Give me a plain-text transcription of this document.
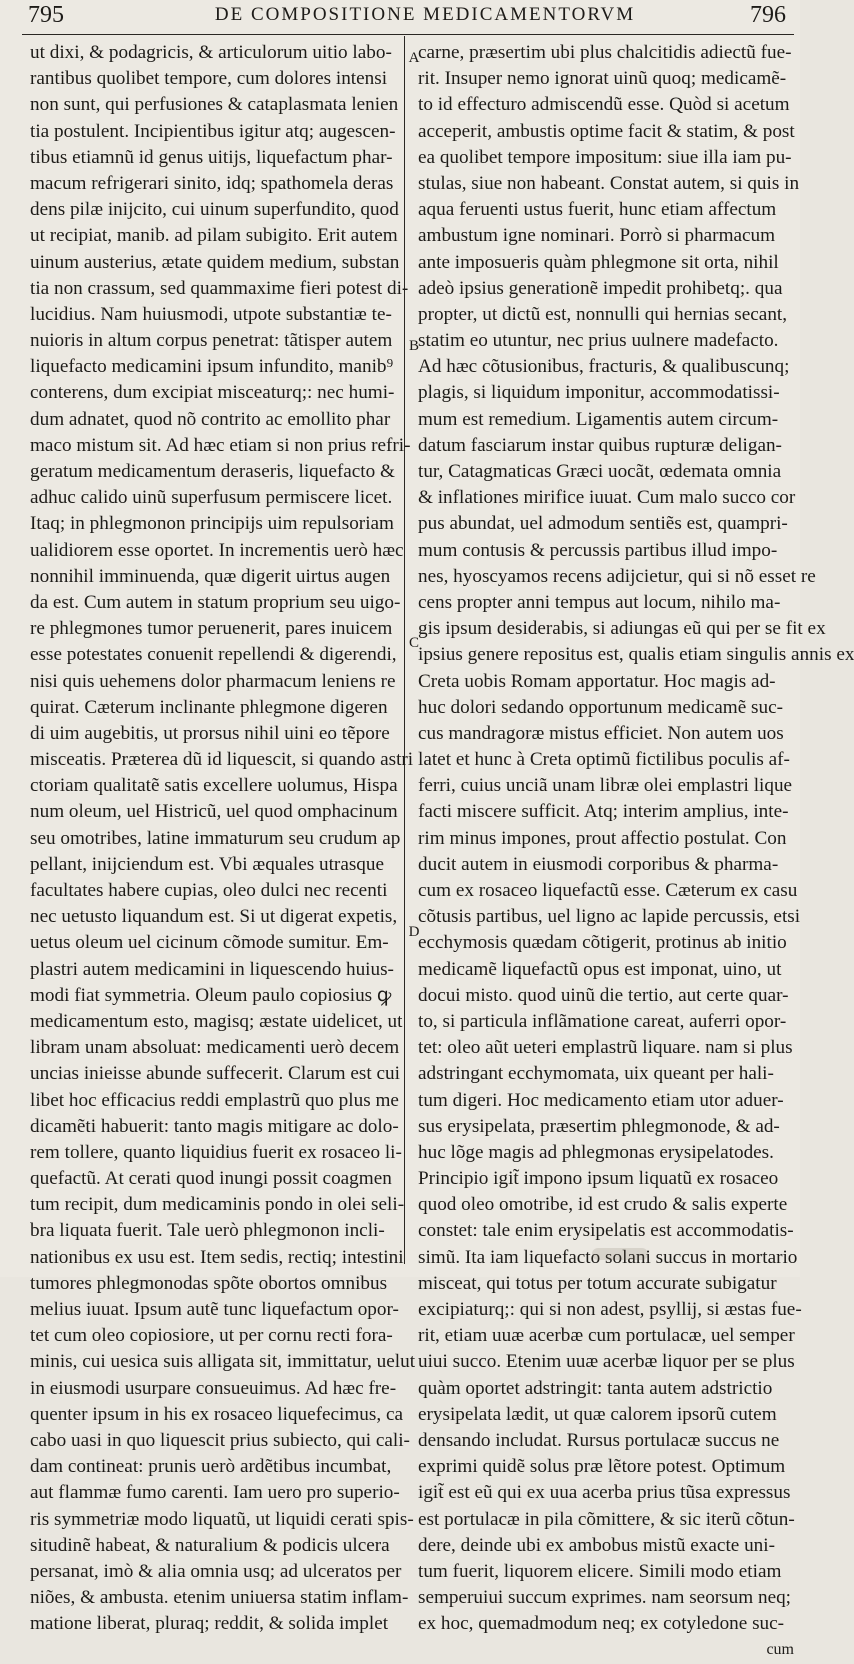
795	DE COMPOSITIONE MEDICAMENTORVM	796
A
B
C
D
ut dixi, & podagricis, & articulorum uitio labo-
rantibus quolibet tempore, cum dolores intensi
non sunt, qui perfusiones & cataplasmata lenien
tia postulent. Incipientibus igitur atq; augescen-
tibus etiamnũ id genus uitijs, liquefactum phar-
macum refrigerari sinito, idq; spathomela deras
dens pilæ inijcito, cui uinum superfundito, quod
ut recipiat, manib. ad pilam subigito. Erit autem
uinum austerius, ætate quidem medium, substan
tia non crassum, sed quammaxime fieri potest di-
lucidius. Nam huiusmodi, utpote substantiæ te-
nuioris in altum corpus penetrat: tãtisper autem
liquefacto medicamini ipsum infundito, manib⁹
conterens, dum excipiat misceaturq;: nec humi-
dum adnatet, quod nõ contrito ac emollito phar
maco mistum sit. Ad hæc etiam si non prius refri-
geratum medicamentum deraseris, liquefacto &
adhuc calido uinũ superfusum permiscere licet.
Itaq; in phlegmonon principijs uim repulsoriam
ualidiorem esse oportet. In incrementis uerò hæc
nonnihil imminuenda, quæ digerit uirtus augen
da est. Cum autem in statum proprium seu uigo-
re phlegmones tumor peruenerit, pares inuicem
esse potestates conuenit repellendi & digerendi,
nisi quis uehemens dolor pharmacum leniens re
quirat. Cæterum inclinante phlegmone digeren
di uim augebitis, ut prorsus nihil uini eo tẽpore
misceatis. Præterea dũ id liquescit, si quando astri
ctoriam qualitatẽ satis excellere uolumus, Hispa
num oleum, uel Histricũ, uel quod omphacinum
seu omotribes, latine immaturum seu crudum ap
pellant, inijciendum est. Vbi æquales utrasque
facultates habere cupias, oleo dulci nec recenti
nec uetusto liquandum est. Si ut digerat expetis,
uetus oleum uel cicinum cõmode sumitur. Em-
plastri autem medicamini in liquescendo huius-
modi fiat symmetria. Oleum paulo copiosius ꝙ
medicamentum esto, magisq; æstate uidelicet, ut
libram unam absoluat: medicamenti uerò decem
uncias inieisse abunde suffecerit. Clarum est cui
libet hoc efficacius reddi emplastrũ quo plus me
dicamẽti habuerit: tanto magis mitigare ac dolo-
rem tollere, quanto liquidius fuerit ex rosaceo li-
quefactũ. At cerati quod inungi possit coagmen
tum recipit, dum medicaminis pondo in olei seli-
bra liquata fuerit. Tale uerò phlegmonon incli-
nationibus ex usu est. Item sedis, rectiq; intestini
tumores phlegmonodas spõte obortos omnibus
melius iuuat. Ipsum autẽ tunc liquefactum opor-
tet cum oleo copiosiore, ut per cornu recti fora-
minis, cui uesica suis alligata sit, immittatur, uelut
in eiusmodi usurpare consueuimus. Ad hæc fre-
quenter ipsum in his ex rosaceo liquefecimus, ca
cabo uasi in quo liquescit prius subiecto, qui cali-
dam contineat: prunis uerò ardẽtibus incumbat,
aut flammæ fumo carenti. Iam uero pro superio-
ris symmetriæ modo liquatũ, ut liquidi cerati spis-
situdinẽ habeat, & naturalium & podicis ulcera
persanat, imò & alia omnia usq; ad ulceratos per
niões, & ambusta. etenim uniuersa statim inflam-
matione liberat, pluraq; reddit, & solida implet
carne, præsertim ubi plus chalcitidis adiectũ fue-
rit. Insuper nemo ignorat uinũ quoq; medicamẽ-
to id effecturo admiscendũ esse. Quòd si acetum
acceperit, ambustis optime facit & statim, & post
ea quolibet tempore impositum: siue illa iam pu-
stulas, siue non habeant. Constat autem, si quis in
aqua feruenti ustus fuerit, hunc etiam affectum
ambustum igne nominari. Porrò si pharmacum
ante imposueris quàm phlegmone sit orta, nihil
adeò ipsius generationẽ impedit prohibetq;. qua
propter, ut dictũ est, nonnulli qui hernias secant,
statim eo utuntur, nec prius uulnere madefacto.
Ad hæc cõtusionibus, fracturis, & qualibuscunq;
plagis, si liquidum imponitur, accommodatissi-
mum est remedium. Ligamentis autem circum-
datum fasciarum instar quibus rupturæ deligan-
tur, Catagmaticas Græci uocãt, œdemata omnia
& inflationes mirifice iuuat. Cum malo succo cor
pus abundat, uel admodum sentiẽs est, quampri-
mum contusis & percussis partibus illud impo-
nes, hyoscyamos recens adijcietur, qui si nõ esset re
cens propter anni tempus aut locum, nihilo ma-
gis ipsum desiderabis, si adiungas eũ qui per se fit ex
ipsius genere repositus est, qualis etiam singulis annis ex
Creta uobis Romam apportatur. Hoc magis ad-
huc dolori sedando opportunum medicamẽ suc-
cus mandragoræ mistus efficiet. Non autem uos
latet et hunc à Creta optimũ fictilibus poculis af-
ferri, cuius unciã unam libræ olei emplastri lique
facti miscere sufficit. Atq; interim amplius, inte-
rim minus impones, prout affectio postulat. Con
ducit autem in eiusmodi corporibus & pharma-
cum ex rosaceo liquefactũ esse. Cæterum ex casu
cõtusis partibus, uel ligno ac lapide percussis, etsi
ecchymosis quædam cõtigerit, protinus ab initio
medicamẽ liquefactũ opus est imponat, uino, ut
docui misto. quod uinũ die tertio, aut certe quar-
to, si particula inflãmatione careat, auferri opor-
tet: oleo aũt ueteri emplastrũ liquare. nam si plus
adstringant ecchymomata, uix queant per hali-
tum digeri. Hoc medicamento etiam utor aduer-
sus erysipelata, præsertim phlegmonode, & ad-
huc lõge magis ad phlegmonas erysipelatodes.
Principio igit̃ impono ipsum liquatũ ex rosaceo
quod oleo omotribe, id est crudo & salis experte
constet: tale enim erysipelatis est accommodatis-
simũ. Ita iam liquefacto solani succus in mortario
misceat, qui totus per totum accurate subigatur
excipiaturq;: qui si non adest, psyllij, si æstas fue-
rit, etiam uuæ acerbæ cum portulacæ, uel semper
uiui succo. Etenim uuæ acerbæ liquor per se plus
quàm oportet adstringit: tanta autem adstrictio
erysipelata lædit, ut quæ calorem ipsorũ cutem
densando includat. Rursus portulacæ succus ne
exprimi quidẽ solus præ lẽtore potest. Optimum
igit̃ est eũ qui ex uua acerba prius tũsa expressus
est portulacæ in pila cõmittere, & sic iterũ cõtun-
dere, deinde ubi ex ambobus mistũ exacte uni-
tum fuerit, liquorem elicere. Simili modo etiam
semperuiui succum exprimes. nam seorsum neq;
ex hoc, quemadmodum neq; ex cotyledone suc-
cum
